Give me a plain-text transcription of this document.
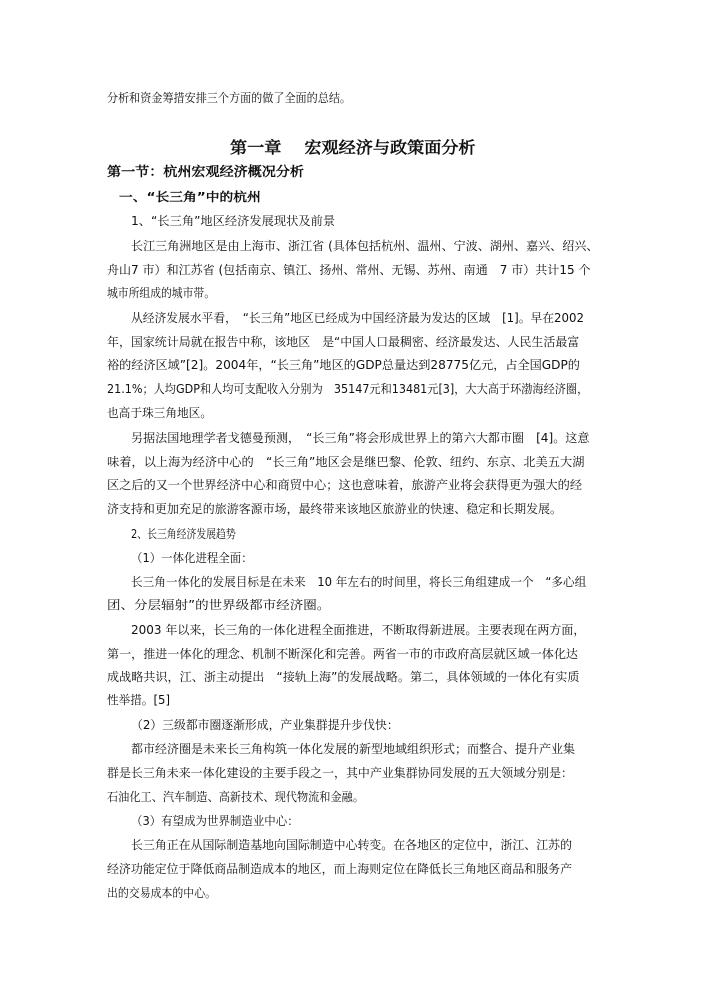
分析和资金筹措安排三个方面的做了全面的总结。
第一章　 宏观经济与政策面分析
第一节：杭州宏观经济概况分析
一、“长三角”中的杭州
1、“长三角”地区经济发展现状及前景
长江三角洲地区是由上海市、浙江省 (具体包括杭州、温州、宁波、湖州、嘉兴、绍兴、
舟山7 市）和江苏省 (包括南京、镇江、扬州、常州、无锡、苏州、南通　7 市）共计15 个
城市所组成的城市带。
从经济发展水平看，　“长三角”地区已经成为中国经济最为发达的区域　[1]。早在2002
年，国家统计局就在报告中称，该地区　是“中国人口最稠密、经济最发达、人民生活最富
裕的经济区域”[2]。2004年，“长三角”地区的GDP总量达到28775亿元，占全国GDP的
21.1%；人均GDP和人均可支配收入分别为　35147元和13481元[3]，大大高于环渤海经济圈，
也高于珠三角地区。
另据法国地理学者戈德曼预测，　“长三角”将会形成世界上的第六大都市圈　[4]。这意
味着，以上海为经济中心的　“长三角”地区会是继巴黎、伦敦、纽约、东京、北美五大湖
区之后的又一个世界经济中心和商贸中心；这也意味着，旅游产业将会获得更为强大的经
济支持和更加充足的旅游客源市场，最终带来该地区旅游业的快速、稳定和长期发展。
2、长三角经济发展趋势
（1）一体化进程全面：
长三角一体化的发展目标是在未来　10 年左右的时间里，将长三角组建成一个　“多心组
团、分层辐射”的世界级都市经济圈。
2003 年以来，长三角的一体化进程全面推进，不断取得新进展。主要表现在两方面，
第一，推进一体化的理念、机制不断深化和完善。两省一市的市政府高层就区域一体化达
成战略共识，江、浙主动提出　“接轨上海”的发展战略。第二，具体领域的一体化有实质
性举措。[5]
（2）三级都市圈逐渐形成，产业集群提升步伐快：
都市经济圈是未来长三角构筑一体化发展的新型地域组织形式；而整合、提升产业集
群是长三角未来一体化建设的主要手段之一，其中产业集群协同发展的五大领域分别是：
石油化工、汽车制造、高新技术、现代物流和金融。
（3）有望成为世界制造业中心：
长三角正在从国际制造基地向国际制造中心转变。在各地区的定位中，浙江、江苏的
经济功能定位于降低商品制造成本的地区，而上海则定位在降低长三角地区商品和服务产
出的交易成本的中心。
